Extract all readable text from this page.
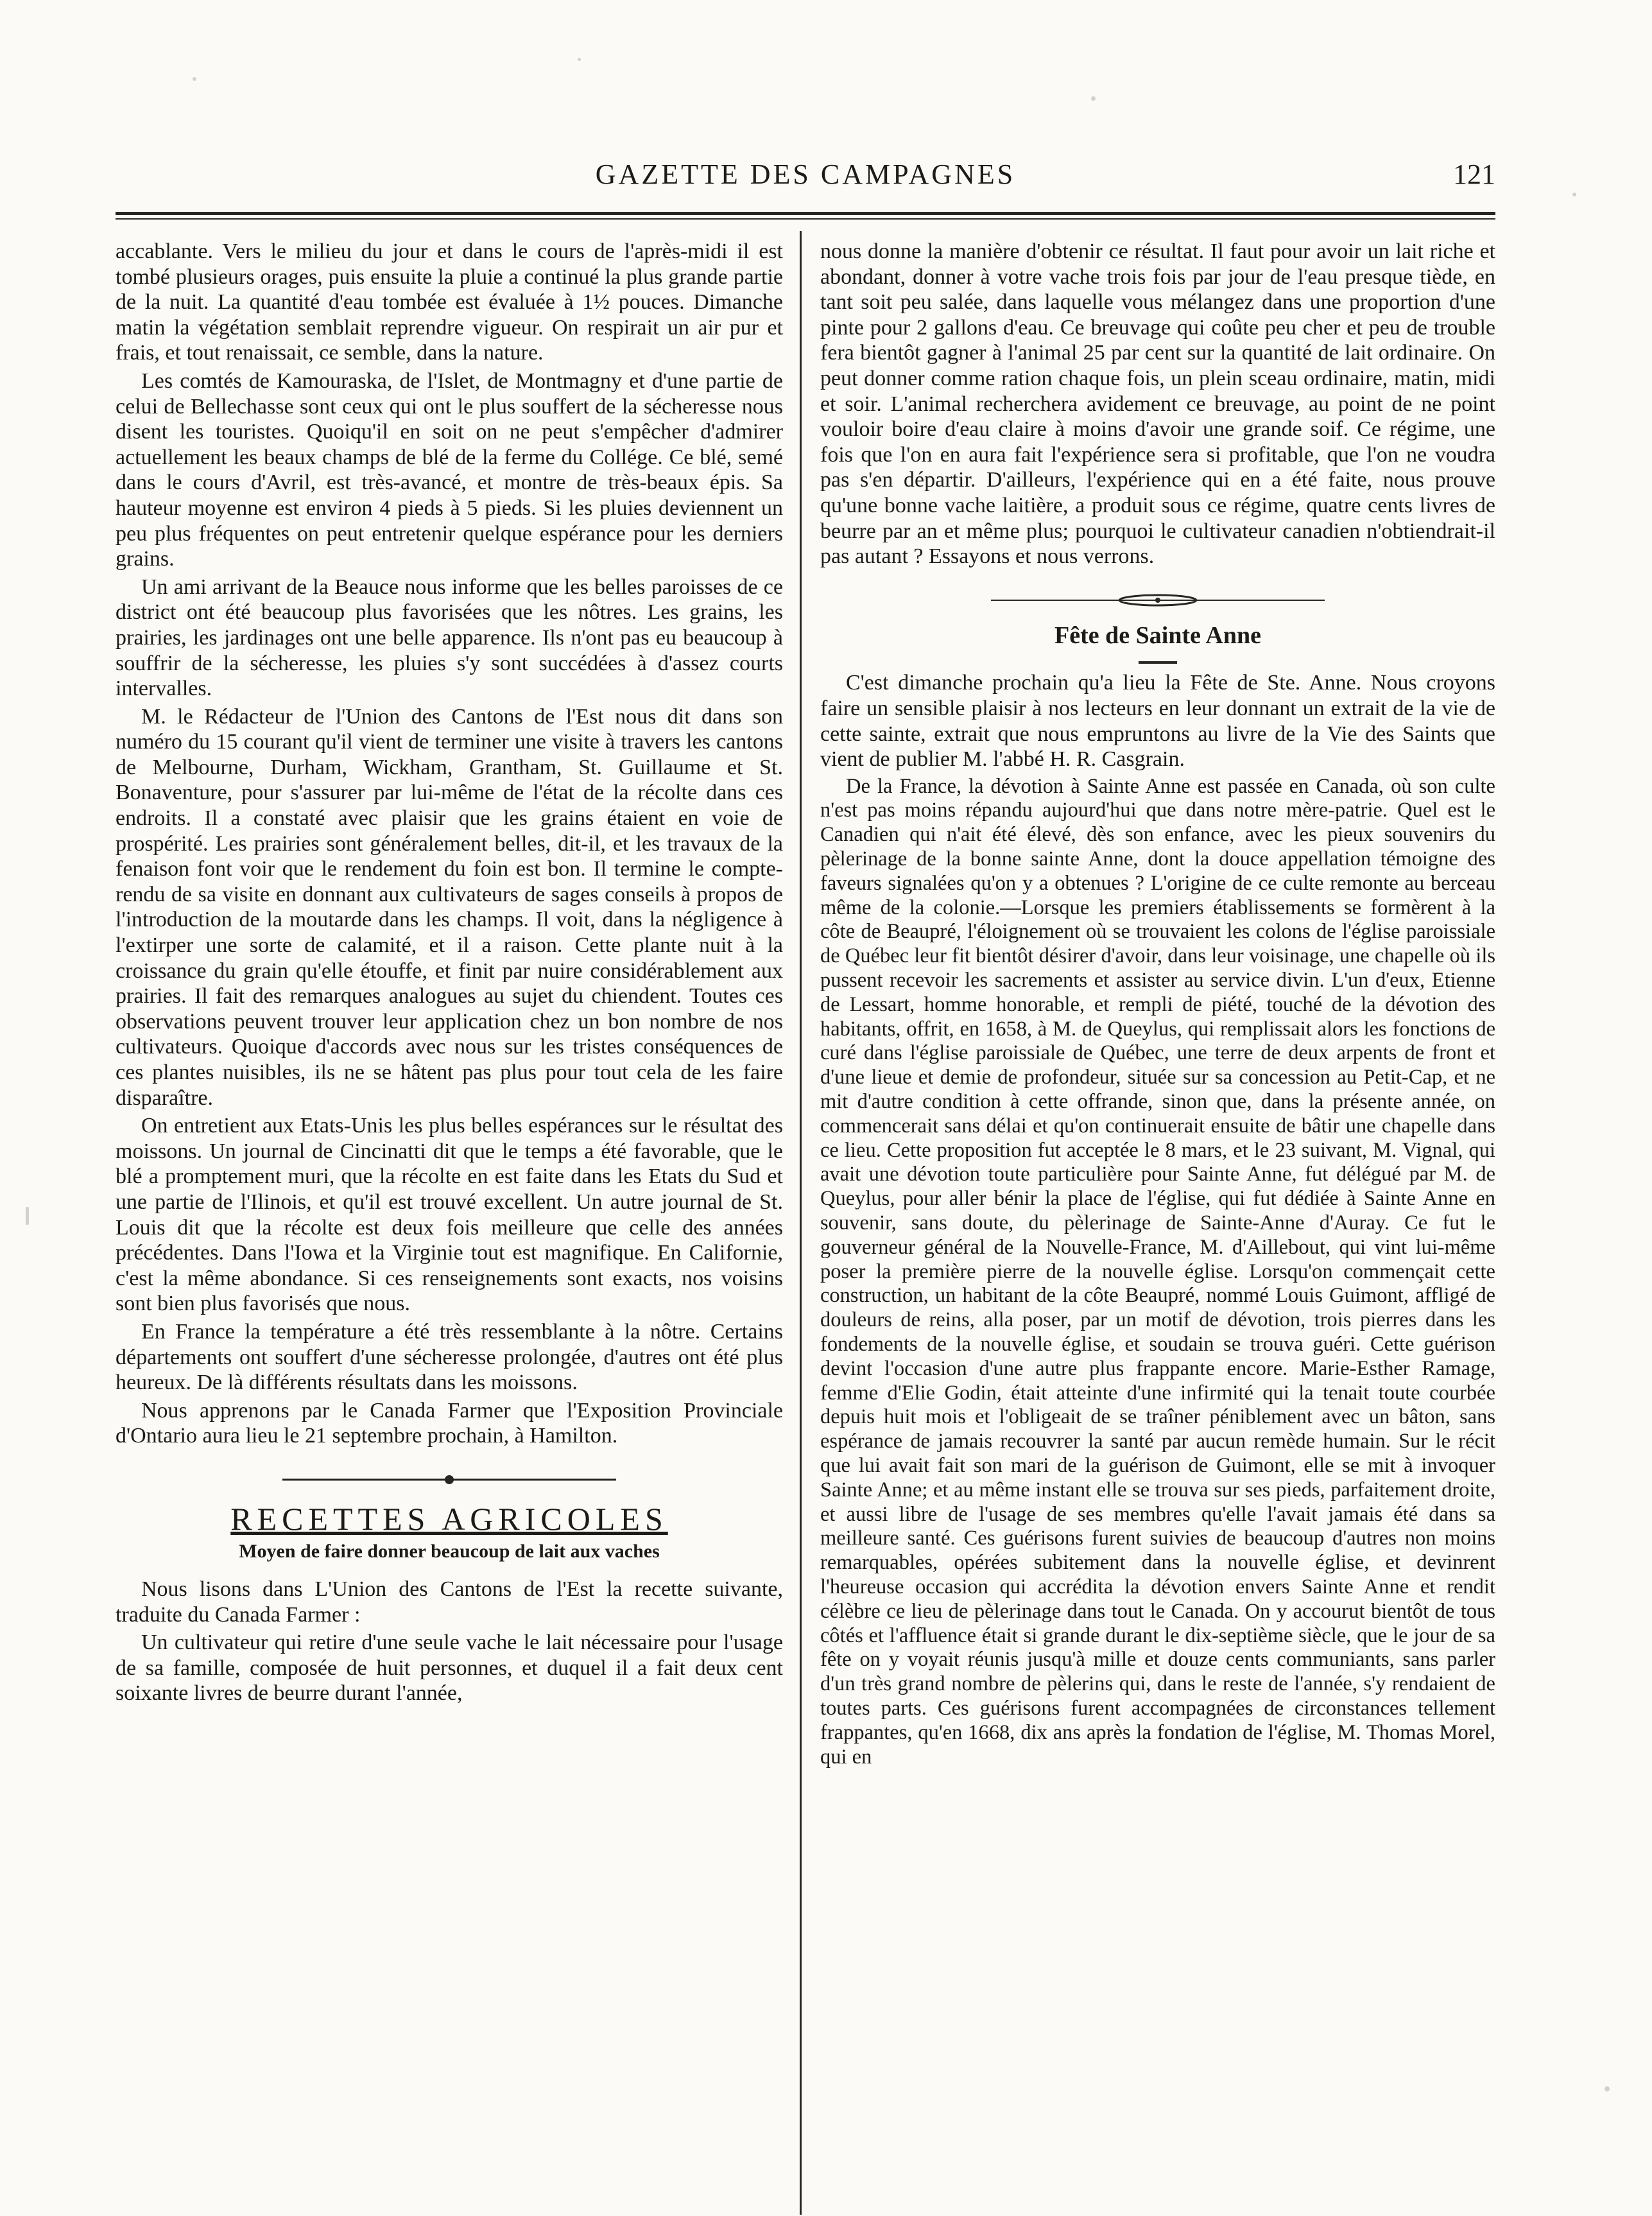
GAZETTE DES CAMPAGNES	121

accablante. Vers le milieu du jour et dans le cours de l'après-midi il est tombé plusieurs orages, puis ensuite la pluie a continué la plus grande partie de la nuit. La quantité d'eau tombée est évaluée à 1½ pouces. Dimanche matin la végétation semblait reprendre vigueur. On respirait un air pur et frais, et tout renaissait, ce semble, dans la nature.

Les comtés de Kamouraska, de l'Islet, de Montmagny et d'une partie de celui de Bellechasse sont ceux qui ont le plus souffert de la sécheresse nous disent les touristes. Quoiqu'il en soit on ne peut s'empêcher d'admirer actuellement les beaux champs de blé de la ferme du Collége. Ce blé, semé dans le cours d'Avril, est très-avancé, et montre de très-beaux épis. Sa hauteur moyenne est environ 4 pieds à 5 pieds. Si les pluies deviennent un peu plus fréquentes on peut entretenir quelque espérance pour les derniers grains.

Un ami arrivant de la Beauce nous informe que les belles paroisses de ce district ont été beaucoup plus favorisées que les nôtres. Les grains, les prairies, les jardinages ont une belle apparence. Ils n'ont pas eu beaucoup à souffrir de la sécheresse, les pluies s'y sont succédées à d'assez courts intervalles.

M. le Rédacteur de l'Union des Cantons de l'Est nous dit dans son numéro du 15 courant qu'il vient de terminer une visite à travers les cantons de Melbourne, Durham, Wickham, Grantham, St. Guillaume et St. Bonaventure, pour s'assurer par lui-même de l'état de la récolte dans ces endroits. Il a constaté avec plaisir que les grains étaient en voie de prospérité. Les prairies sont généralement belles, dit-il, et les travaux de la fenaison font voir que le rendement du foin est bon. Il termine le compte-rendu de sa visite en donnant aux cultivateurs de sages conseils à propos de l'introduction de la moutarde dans les champs. Il voit, dans la négligence à l'extirper une sorte de calamité, et il a raison. Cette plante nuit à la croissance du grain qu'elle étouffe, et finit par nuire considérablement aux prairies. Il fait des remarques analogues au sujet du chiendent. Toutes ces observations peuvent trouver leur application chez un bon nombre de nos cultivateurs. Quoique d'accords avec nous sur les tristes conséquences de ces plantes nuisibles, ils ne se hâtent pas plus pour tout cela de les faire disparaître.

On entretient aux Etats-Unis les plus belles espérances sur le résultat des moissons. Un journal de Cincinatti dit que le temps a été favorable, que le blé a promptement muri, que la récolte en est faite dans les Etats du Sud et une partie de l'Ilinois, et qu'il est trouvé excellent. Un autre journal de St. Louis dit que la récolte est deux fois meilleure que celle des années précédentes. Dans l'Iowa et la Virginie tout est magnifique. En Californie, c'est la même abondance. Si ces renseignements sont exacts, nos voisins sont bien plus favorisés que nous.

En France la température a été très ressemblante à la nôtre. Certains départements ont souffert d'une sécheresse prolongée, d'autres ont été plus heureux. De là différents résultats dans les moissons.

Nous apprenons par le Canada Farmer que l'Exposition Provinciale d'Ontario aura lieu le 21 septembre prochain, à Hamilton.

RECETTES AGRICOLES
Moyen de faire donner beaucoup de lait aux vaches

Nous lisons dans L'Union des Cantons de l'Est la recette suivante, traduite du Canada Farmer :

Un cultivateur qui retire d'une seule vache le lait nécessaire pour l'usage de sa famille, composée de huit personnes, et duquel il a fait deux cent soixante livres de beurre durant l'année,

nous donne la manière d'obtenir ce résultat. Il faut pour avoir un lait riche et abondant, donner à votre vache trois fois par jour de l'eau presque tiède, en tant soit peu salée, dans laquelle vous mélangez dans une proportion d'une pinte pour 2 gallons d'eau. Ce breuvage qui coûte peu cher et peu de trouble fera bientôt gagner à l'animal 25 par cent sur la quantité de lait ordinaire. On peut donner comme ration chaque fois, un plein sceau ordinaire, matin, midi et soir. L'animal recherchera avidement ce breuvage, au point de ne point vouloir boire d'eau claire à moins d'avoir une grande soif. Ce régime, une fois que l'on en aura fait l'expérience sera si profitable, que l'on ne voudra pas s'en départir. D'ailleurs, l'expérience qui en a été faite, nous prouve qu'une bonne vache laitière, a produit sous ce régime, quatre cents livres de beurre par an et même plus; pourquoi le cultivateur canadien n'obtiendrait-il pas autant ? Essayons et nous verrons.

Fête de Sainte Anne

C'est dimanche prochain qu'a lieu la Fête de Ste. Anne. Nous croyons faire un sensible plaisir à nos lecteurs en leur donnant un extrait de la vie de cette sainte, extrait que nous empruntons au livre de la Vie des Saints que vient de publier M. l'abbé H. R. Casgrain.

De la France, la dévotion à Sainte Anne est passée en Canada, où son culte n'est pas moins répandu aujourd'hui que dans notre mère-patrie. Quel est le Canadien qui n'ait été élevé, dès son enfance, avec les pieux souvenirs du pèlerinage de la bonne sainte Anne, dont la douce appellation témoigne des faveurs signalées qu'on y a obtenues ? L'origine de ce culte remonte au berceau même de la colonie.—Lorsque les premiers établissements se formèrent à la côte de Beaupré, l'éloignement où se trouvaient les colons de l'église paroissiale de Québec leur fit bientôt désirer d'avoir, dans leur voisinage, une chapelle où ils pussent recevoir les sacrements et assister au service divin. L'un d'eux, Etienne de Lessart, homme honorable, et rempli de piété, touché de la dévotion des habitants, offrit, en 1658, à M. de Queylus, qui remplissait alors les fonctions de curé dans l'église paroissiale de Québec, une terre de deux arpents de front et d'une lieue et demie de profondeur, située sur sa concession au Petit-Cap, et ne mit d'autre condition à cette offrande, sinon que, dans la présente année, on commencerait sans délai et qu'on continuerait ensuite de bâtir une chapelle dans ce lieu. Cette proposition fut acceptée le 8 mars, et le 23 suivant, M. Vignal, qui avait une dévotion toute particulière pour Sainte Anne, fut délégué par M. de Queylus, pour aller bénir la place de l'église, qui fut dédiée à Sainte Anne en souvenir, sans doute, du pèlerinage de Sainte-Anne d'Auray. Ce fut le gouverneur général de la Nouvelle-France, M. d'Aillebout, qui vint lui-même poser la première pierre de la nouvelle église. Lorsqu'on commençait cette construction, un habitant de la côte Beaupré, nommé Louis Guimont, affligé de douleurs de reins, alla poser, par un motif de dévotion, trois pierres dans les fondements de la nouvelle église, et soudain se trouva guéri. Cette guérison devint l'occasion d'une autre plus frappante encore. Marie-Esther Ramage, femme d'Elie Godin, était atteinte d'une infirmité qui la tenait toute courbée depuis huit mois et l'obligeait de se traîner péniblement avec un bâton, sans espérance de jamais recouvrer la santé par aucun remède humain. Sur le récit que lui avait fait son mari de la guérison de Guimont, elle se mit à invoquer Sainte Anne; et au même instant elle se trouva sur ses pieds, parfaitement droite, et aussi libre de l'usage de ses membres qu'elle l'avait jamais été dans sa meilleure santé. Ces guérisons furent suivies de beaucoup d'autres non moins remarquables, opérées subitement dans la nouvelle église, et devinrent l'heureuse occasion qui accrédita la dévotion envers Sainte Anne et rendit célèbre ce lieu de pèlerinage dans tout le Canada. On y accourut bientôt de tous côtés et l'affluence était si grande durant le dix-septième siècle, que le jour de sa fête on y voyait réunis jusqu'à mille et douze cents communiants, sans parler d'un très grand nombre de pèlerins qui, dans le reste de l'année, s'y rendaient de toutes parts. Ces guérisons furent accompagnées de circonstances tellement frappantes, qu'en 1668, dix ans après la fondation de l'église, M. Thomas Morel, qui en
